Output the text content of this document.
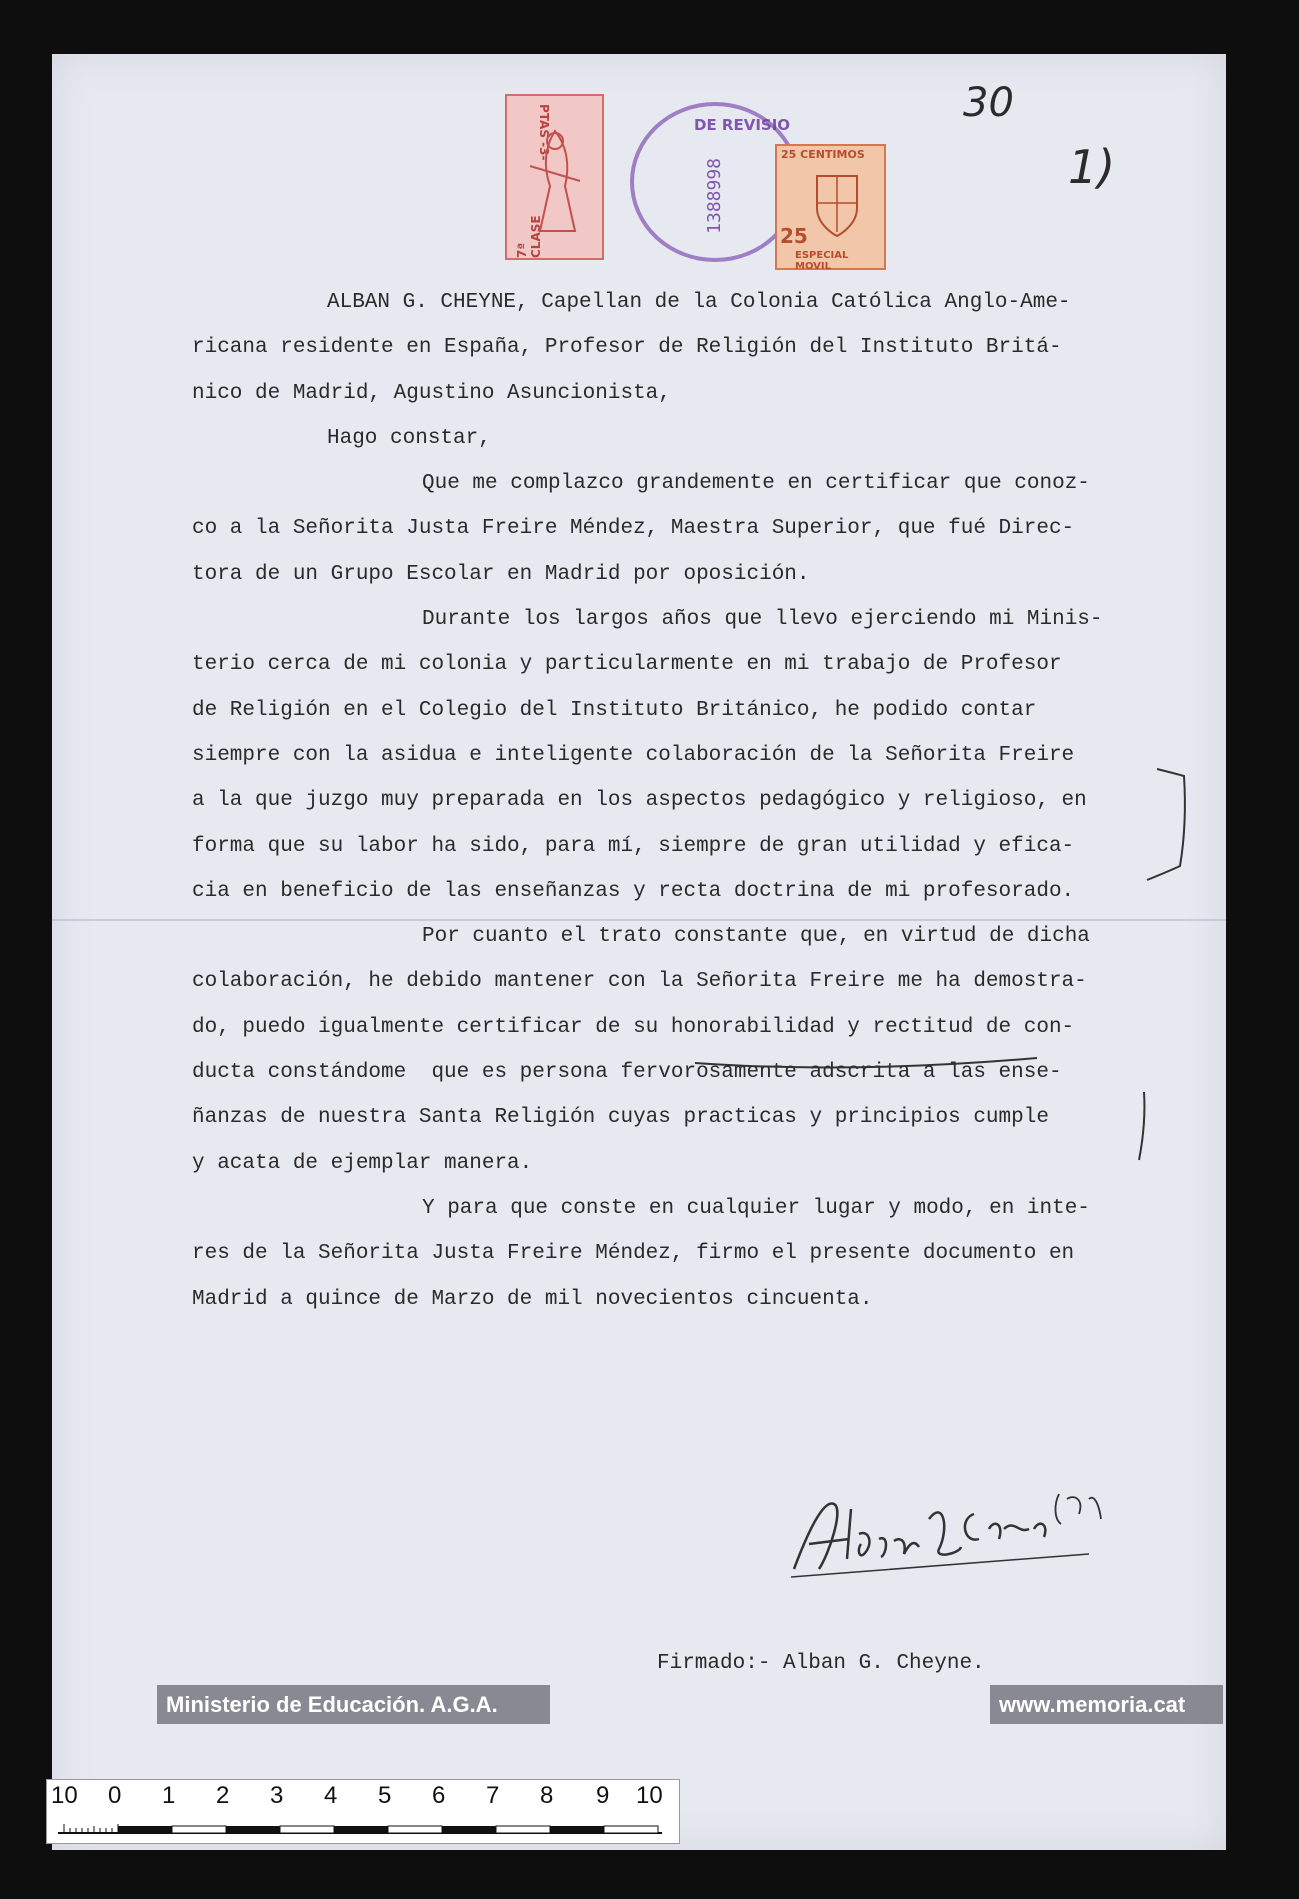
30
1)
PTAS -3-
7ª CLASE
DE REVISIO
1388998
25 CENTIMOS
25
ESPECIAL MOVIL

ALBAN G. CHEYNE, Capellan de la Colonia Católica Anglo-Ame-

ricana residente en España, Profesor de Religión del Instituto Britá-

nico de Madrid, Agustino Asuncionista,

Hago constar,

Que me complazco grandemente en certificar que conoz-

co a la Señorita Justa Freire Méndez, Maestra Superior, que fué Direc-

tora de un Grupo Escolar en Madrid por oposición.

Durante los largos años que llevo ejerciendo mi Minis-

terio cerca de mi colonia y particularmente en mi trabajo de Profesor

de Religión en el Colegio del Instituto Británico, he podido contar

siempre con la asidua e inteligente colaboración de la Señorita Freire

a la que juzgo muy preparada en los aspectos pedagógico y religioso, en

forma que su labor ha sido, para mí, siempre de gran utilidad y efica-

cia en beneficio de las enseñanzas y recta doctrina de mi profesorado.

Por cuanto el trato constante que, en virtud de dicha

colaboración, he debido mantener con la Señorita Freire me ha demostra-

do, puedo igualmente certificar de su honorabilidad y rectitud de con-

ducta constándome  que es persona fervorosamente adscrita a las ense-

ñanzas de nuestra Santa Religión cuyas practicas y principios cumple

y acata de ejemplar manera.

Y para que conste en cualquier lugar y modo, en inte-

res de la Señorita Justa Freire Méndez, firmo el presente documento en

Madrid a quince de Marzo de mil novecientos cincuenta.

Firmado:- Alban G. Cheyne.
Ministerio de Educación. A.G.A.	www.memoria.cat
10 0 1 2 3 4 5 6 7 8 9 10
